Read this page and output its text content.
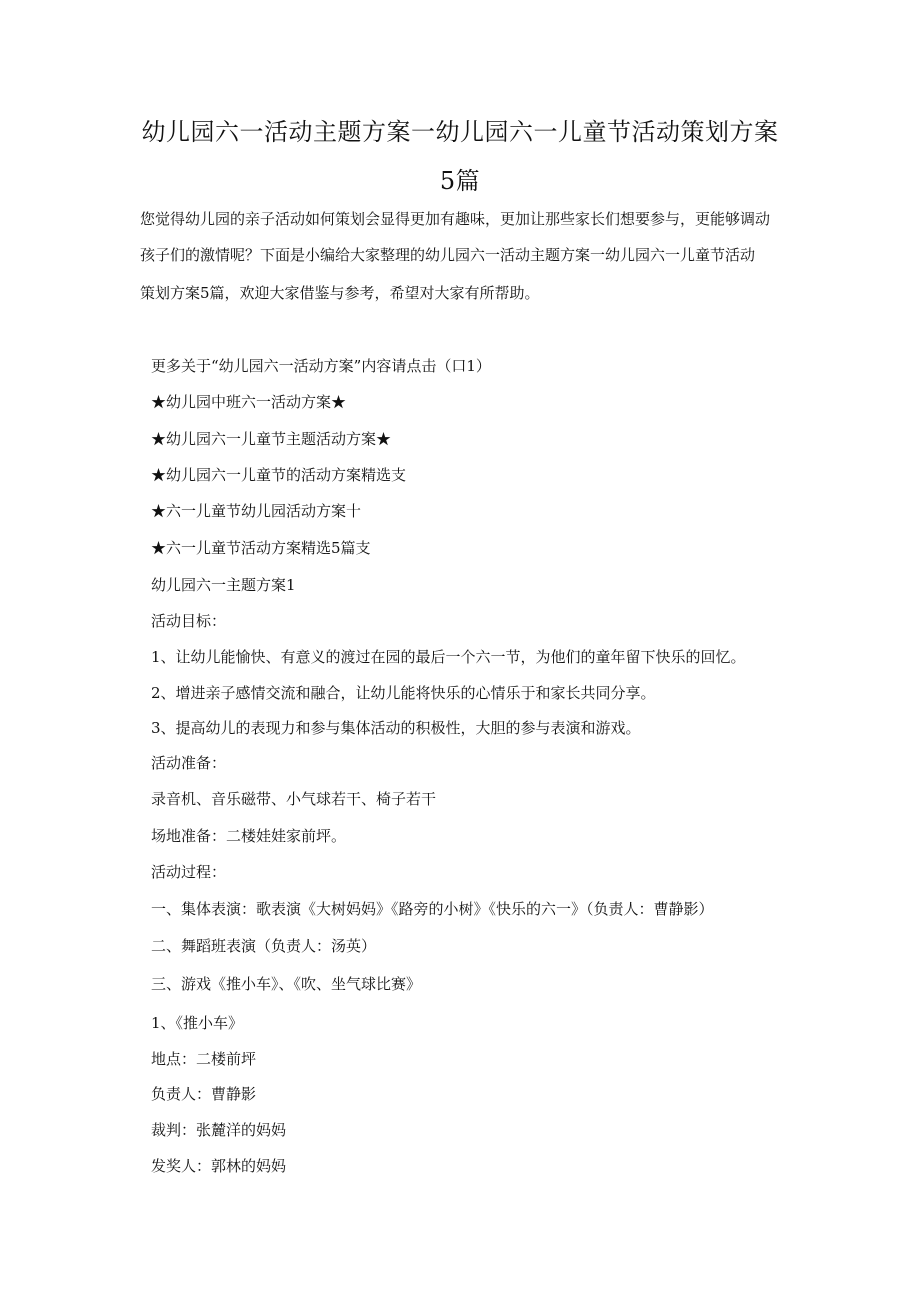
幼儿园六一活动主题方案一幼儿园六一儿童节活动策划方案
5篇

您觉得幼儿园的亲子活动如何策划会显得更加有趣味，更加让那些家长们想要参与，更能够调动

孩子们的激情呢？下面是小编给大家整理的幼儿园六一活动主题方案一幼儿园六一儿童节活动

策划方案5篇，欢迎大家借鉴与参考，希望对大家有所帮助。

更多关于“幼儿园六一活动方案”内容请点击（口1）

★幼儿园中班六一活动方案★

★幼儿园六一儿童节主题活动方案★

★幼儿园六一儿童节的活动方案精选支

★六一儿童节幼儿园活动方案十

★六一儿童节活动方案精选5篇支

幼儿园六一主题方案1

活动目标：

1、让幼儿能愉快、有意义的渡过在园的最后一个六一节，为他们的童年留下快乐的回忆。

2、增进亲子感情交流和融合，让幼儿能将快乐的心情乐于和家长共同分享。

3、提高幼儿的表现力和参与集体活动的积极性，大胆的参与表演和游戏。

活动准备：

录音机、音乐磁带、小气球若干、椅子若干

场地准备：二楼娃娃家前坪。

活动过程：

一、集体表演：歌表演《大树妈妈》《路旁的小树》《快乐的六一》（负责人：曹静影）

二、舞蹈班表演（负责人：汤英）

三、游戏《推小车》、《吹、坐气球比赛》

1、《推小车》

地点：二楼前坪

负责人：曹静影

裁判：张麓洋的妈妈

发奖人：郭林的妈妈
